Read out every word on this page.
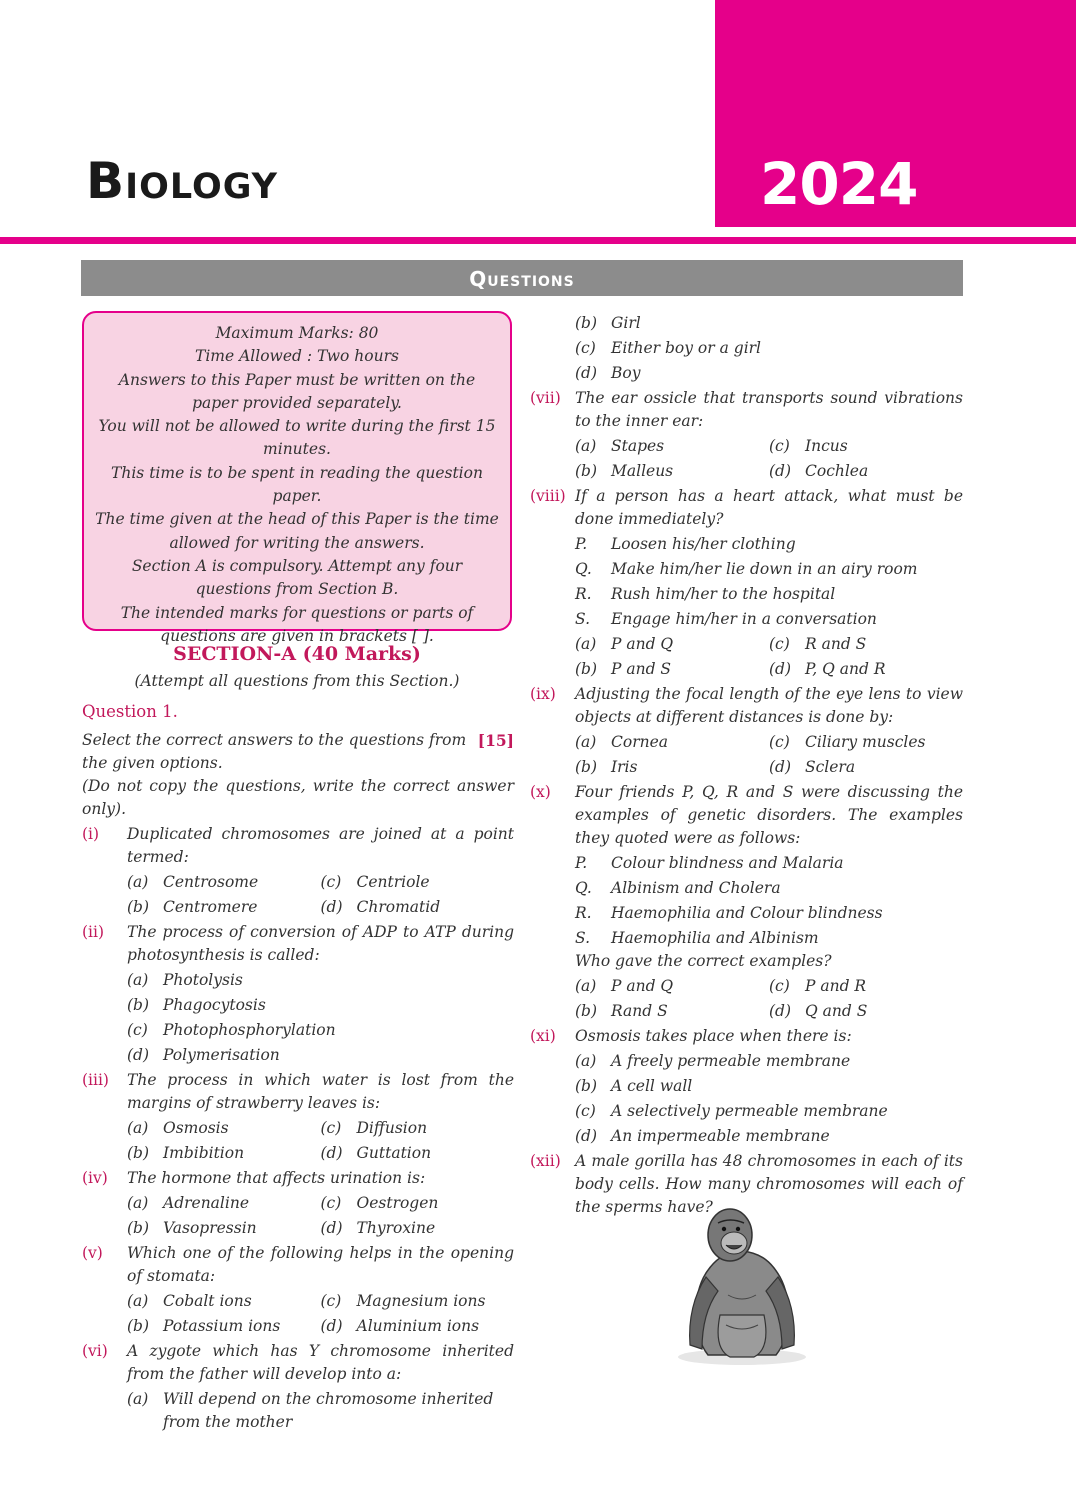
2024
Biology
Questions

Maximum Marks: 80

Time Allowed : Two hours

Answers to this Paper must be written on the paper provided separately.

You will not be allowed to write during the first 15 minutes.

This time is to be spent in reading the question paper.

The time given at the head of this Paper is the time allowed for writing the answers.

Section A is compulsory. Attempt any four questions from Section B.

The intended marks for questions or parts of questions are given in brackets [ ].

SECTION-A (40 Marks)
(Attempt all questions from this Section.)
Question 1.
Select the correct answers to the questions from the given options.
[15]
(Do not copy the questions, write the correct answer only).
(i)	Duplicated chromosomes are joined at a point termed:
(a) Centrosome	(c) Centriole
(b) Centromere	(d) Chromatid
(ii)	The process of conversion of ADP to ATP during photosynthesis is called:
(a) Photolysis
(b) Phagocytosis
(c) Photophosphorylation
(d) Polymerisation
(iii)	The process in which water is lost from the margins of strawberry leaves is:
(a) Osmosis	(c) Diffusion
(b) Imbibition	(d) Guttation
(iv)	The hormone that affects urination is:
(a) Adrenaline	(c) Oestrogen
(b) Vasopressin	(d) Thyroxine
(v)	Which one of the following helps in the opening of stomata:
(a) Cobalt ions	(c) Magnesium ions
(b) Potassium ions	(d) Aluminium ions
(vi)	A zygote which has Y chromosome inherited from the father will develop into a:
(a) Will depend on the chromosome inherited from the mother
(b) Girl
(c) Either boy or a girl
(d) Boy
(vii) The ear ossicle that transports sound vibrations to the inner ear:
(a) Stapes	(c) Incus
(b) Malleus	(d) Cochlea
(viii) If a person has a heart attack, what must be done immediately?
P.	Loosen his/her clothing
Q.	Make him/her lie down in an airy room
R.	Rush him/her to the hospital
S.	Engage him/her in a conversation
(a) P and Q	(c) R and S
(b) P and S	(d) P, Q and R
(ix)	Adjusting the focal length of the eye lens to view objects at different distances is done by:
(a) Cornea	(c) Ciliary muscles
(b) Iris	(d) Sclera
(x)	Four friends P, Q, R and S were discussing the examples of genetic disorders. The examples they quoted were as follows:
P.	Colour blindness and Malaria
Q.	Albinism and Cholera
R.	Haemophilia and Colour blindness
S.	Haemophilia and Albinism
Who gave the correct examples?
(a) P and Q	(c) P and R
(b) Rand S	(d) Q and S
(xi)	Osmosis takes place when there is:
(a) A freely permeable membrane
(b) A cell wall
(c) A selectively permeable membrane
(d) An impermeable membrane
(xii) A male gorilla has 48 chromosomes in each of its body cells. How many chromosomes will each of the sperms have?
